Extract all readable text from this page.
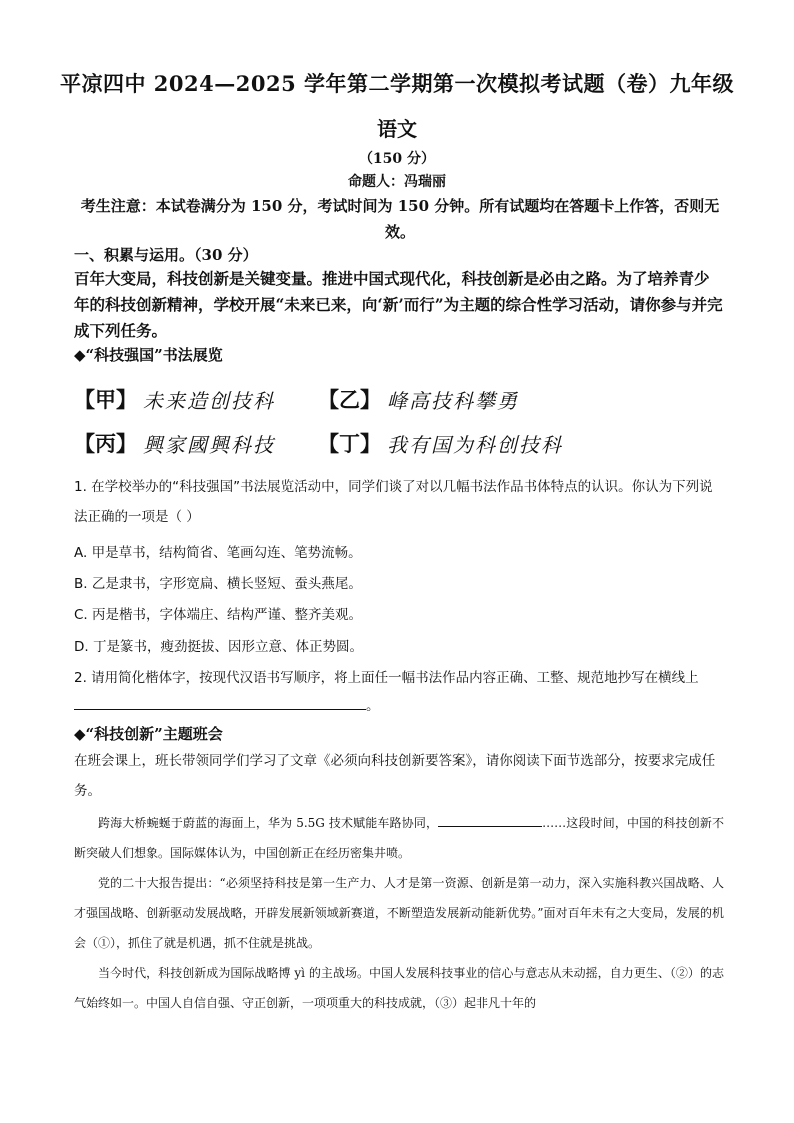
平凉四中 2024—2025 学年第二学期第一次模拟考试题（卷）九年级
语文
（150 分）
命题人：冯瑞丽
考生注意：本试卷满分为 150 分，考试时间为 150 分钟。所有试题均在答题卡上作答，否则无效。
一、积累与运用。（30 分）
百年大变局，科技创新是关键变量。推进中国式现代化，科技创新是必由之路。为了培养青少年的科技创新精神，学校开展“未来已来，向‘新’而行”为主题的综合性学习活动，请你参与并完成下列任务。
◆“科技强国”书法展览
【甲】 未来造创技科 【乙】 峰高技科攀勇
【丙】 興家國興科技 【丁】 我有国为科创技科
1. 在学校举办的“科技强国”书法展览活动中，同学们谈了对以几幅书法作品书体特点的认识。你认为下列说法正确的一项是（ ）
A. 甲是草书，结构简省、笔画勾连、笔势流畅。
B. 乙是隶书，字形宽扁、横长竖短、蚕头燕尾。
C. 丙是楷书，字体端庄、结构严谨、整齐美观。
D. 丁是篆书，瘦劲挺拔、因形立意、体正势圆。
2. 请用简化楷体字，按现代汉语书写顺序，将上面任一幅书法作品内容正确、工整、规范地抄写在横线上
。
◆“科技创新”主题班会
在班会课上，班长带领同学们学习了文章《必须向科技创新要答案》，请你阅读下面节选部分，按要求完成任务。

跨海大桥蜿蜒于蔚蓝的海面上，华为 5.5G 技术赋能车路协同，	……这段时间，中国的科技创新不断突破人们想象。国际媒体认为，中国创新正在经历密集井喷。

党的二十大报告提出：“必须坚持科技是第一生产力、人才是第一资源、创新是第一动力，深入实施科教兴国战略、人才强国战略、创新驱动发展战略，开辟发展新领域新赛道，不断塑造发展新动能新优势。”面对百年未有之大变局，发展的机会（①），抓住了就是机遇，抓不住就是挑战。

当今时代，科技创新成为国际战略博 yì 的主战场。中国人发展科技事业的信心与意志从未动摇，自力更生、（②）的志气始终如一。中国人自信自强、守正创新，一项项重大的科技成就，（③）起非凡十年的
